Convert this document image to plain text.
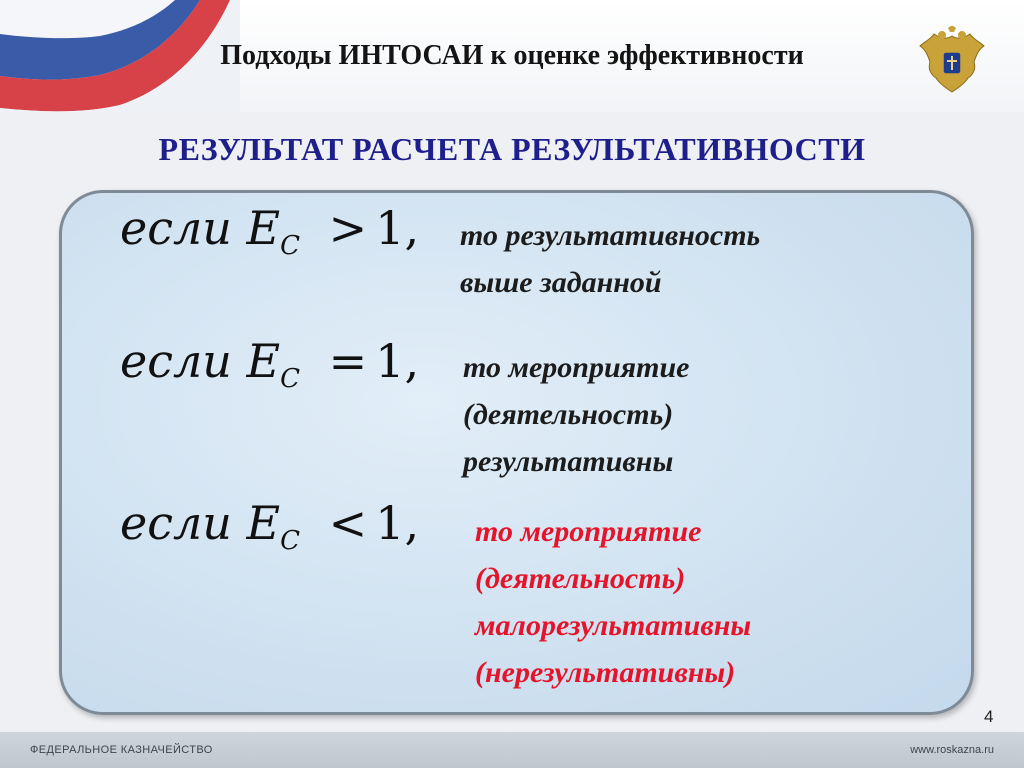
Подходы ИНТОСАИ к оценке эффективности
РЕЗУЛЬТАТ РАСЧЕТА РЕЗУЛЬТАТИВНОСТИ
если $E_C > 1$, то результативность
выше заданной
если $E_C = 1$, то мероприятие
(деятельность)
результативны
если $E_C < 1$, то мероприятие
(деятельность)
малорезультативны
(нерезультативны)
4
ФЕДЕРАЛЬНОЕ КАЗНАЧЕЙСТВО	www.roskazna.ru
